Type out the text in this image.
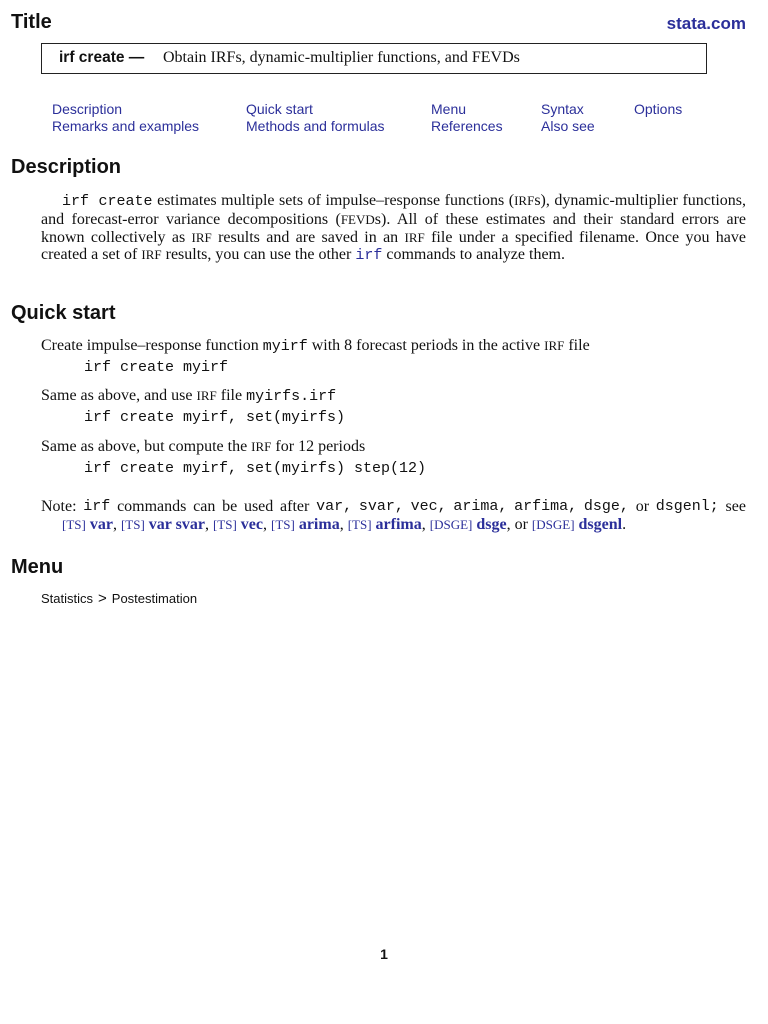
Title	stata.com
irf create — Obtain IRFs, dynamic-multiplier functions, and FEVDs
Description
Remarks and examples
Quick start
Methods and formulas
Menu
References
Syntax
Also see
Options
Description
irf create estimates multiple sets of impulse–response functions (IRFs), dynamic-multiplier functions, and forecast-error variance decompositions (FEVDs). All of these estimates and their standard errors are known collectively as IRF results and are saved in an IRF file under a specified filename. Once you have created a set of IRF results, you can use the other irf commands to analyze them.
Quick start
Create impulse–response function myirf with 8 forecast periods in the active IRF file
irf create myirf
Same as above, and use IRF file myirfs.irf
irf create myirf, set(myirfs)
Same as above, but compute the IRF for 12 periods
irf create myirf, set(myirfs) step(12)
Note: irf commands can be used after var, svar, vec, arima, arfima, dsge, or dsgenl; see
[TS] var, [TS] var svar, [TS] vec, [TS] arima, [TS] arfima, [DSGE] dsge, or [DSGE] dsgenl.
Menu
Statistics > Postestimation
1
